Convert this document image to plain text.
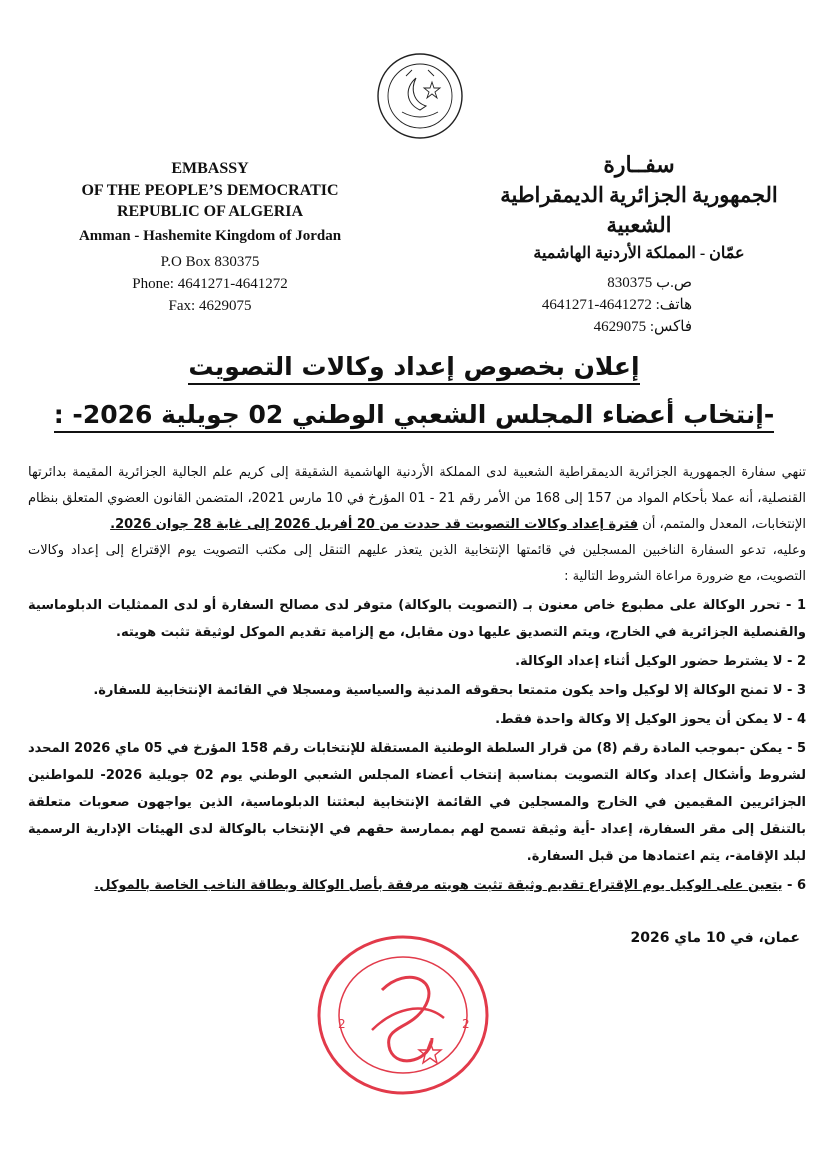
EMBASSY
OF THE PEOPLE’S DEMOCRATIC
REPUBLIC OF ALGERIA
Amman - Hashemite Kingdom of Jordan
P.O Box 830375
Phone: 4641271-4641272
Fax: 4629075
سفــارة
الجمهورية الجزائرية الديمقراطية الشعبية
عمّان - المملكة الأردنية الهاشمية
ص.ب 830375
هاتف: 4641272-4641271
فاكس: 4629075
إعلان بخصوص إعداد وكالات التصويت
-إنتخاب أعضاء المجلس الشعبي الوطني 02 جويلية 2026- :

تنهي سفارة الجمهورية الجزائرية الديمقراطية الشعبية لدى المملكة الأردنية الهاشمية الشقيقة إلى كريم علم الجالية الجزائرية المقيمة بدائرتها القنصلية، أنه عملا بأحكام المواد من 157 إلى 168 من الأمر رقم 21 - 01 المؤرخ في 10 مارس 2021، المتضمن القانون العضوي المتعلق بنظام الإنتخابات، المعدل والمتمم، أن فترة إعداد وكالات التصويت قد حددت من 20 أفريل 2026 إلى غاية 28 جوان 2026.

وعليه، تدعو السفارة الناخبين المسجلين في قائمتها الإنتخابية الذين يتعذر عليهم التنقل إلى مكتب التصويت يوم الإقتراع إلى إعداد وكالات التصويت، مع ضرورة مراعاة الشروط التالية :

1 - تحرر الوكالة على مطبوع خاص معنون بـ (التصويت بالوكالة) متوفر لدى مصالح السفارة أو لدى الممثليات الدبلوماسية والقنصلية الجزائرية في الخارج، ويتم التصديق عليها دون مقابل، مع إلزامية تقديم الموكل لوثيقة تثبت هويته.

2 - لا يشترط حضور الوكيل أثناء إعداد الوكالة.

3 - لا تمنح الوكالة إلا لوكيل واحد يكون متمتعا بحقوقه المدنية والسياسية ومسجلا في القائمة الإنتخابية للسفارة.

4 - لا يمكن أن يحوز الوكيل إلا وكالة واحدة فقط.

5 - يمكن -بموجب المادة رقم (8) من قرار السلطة الوطنية المستقلة للإنتخابات رقم 158 المؤرخ في 05 ماي 2026 المحدد لشروط وأشكال إعداد وكالة التصويت بمناسبة إنتخاب أعضاء المجلس الشعبي الوطني يوم 02 جويلية 2026- للمواطنين الجزائريين المقيمين في الخارج والمسجلين في القائمة الإنتخابية لبعثتنا الدبلوماسية، الذين يواجهون صعوبات متعلقة بالتنقل إلى مقر السفارة، إعداد -أية وثيقة تسمح لهم بممارسة حقهم في الإنتخاب بالوكالة لدى الهيئات الإدارية الرسمية لبلد الإقامة-، يتم اعتمادها من قبل السفارة.

6 - يتعين على الوكيل يوم الإقتراع تقديم وثيقة تثبت هويته مرفقة بأصل الوكالة وبطاقة الناخب الخاصة بالموكل.

عمان، في 10 ماي 2026
2	2
